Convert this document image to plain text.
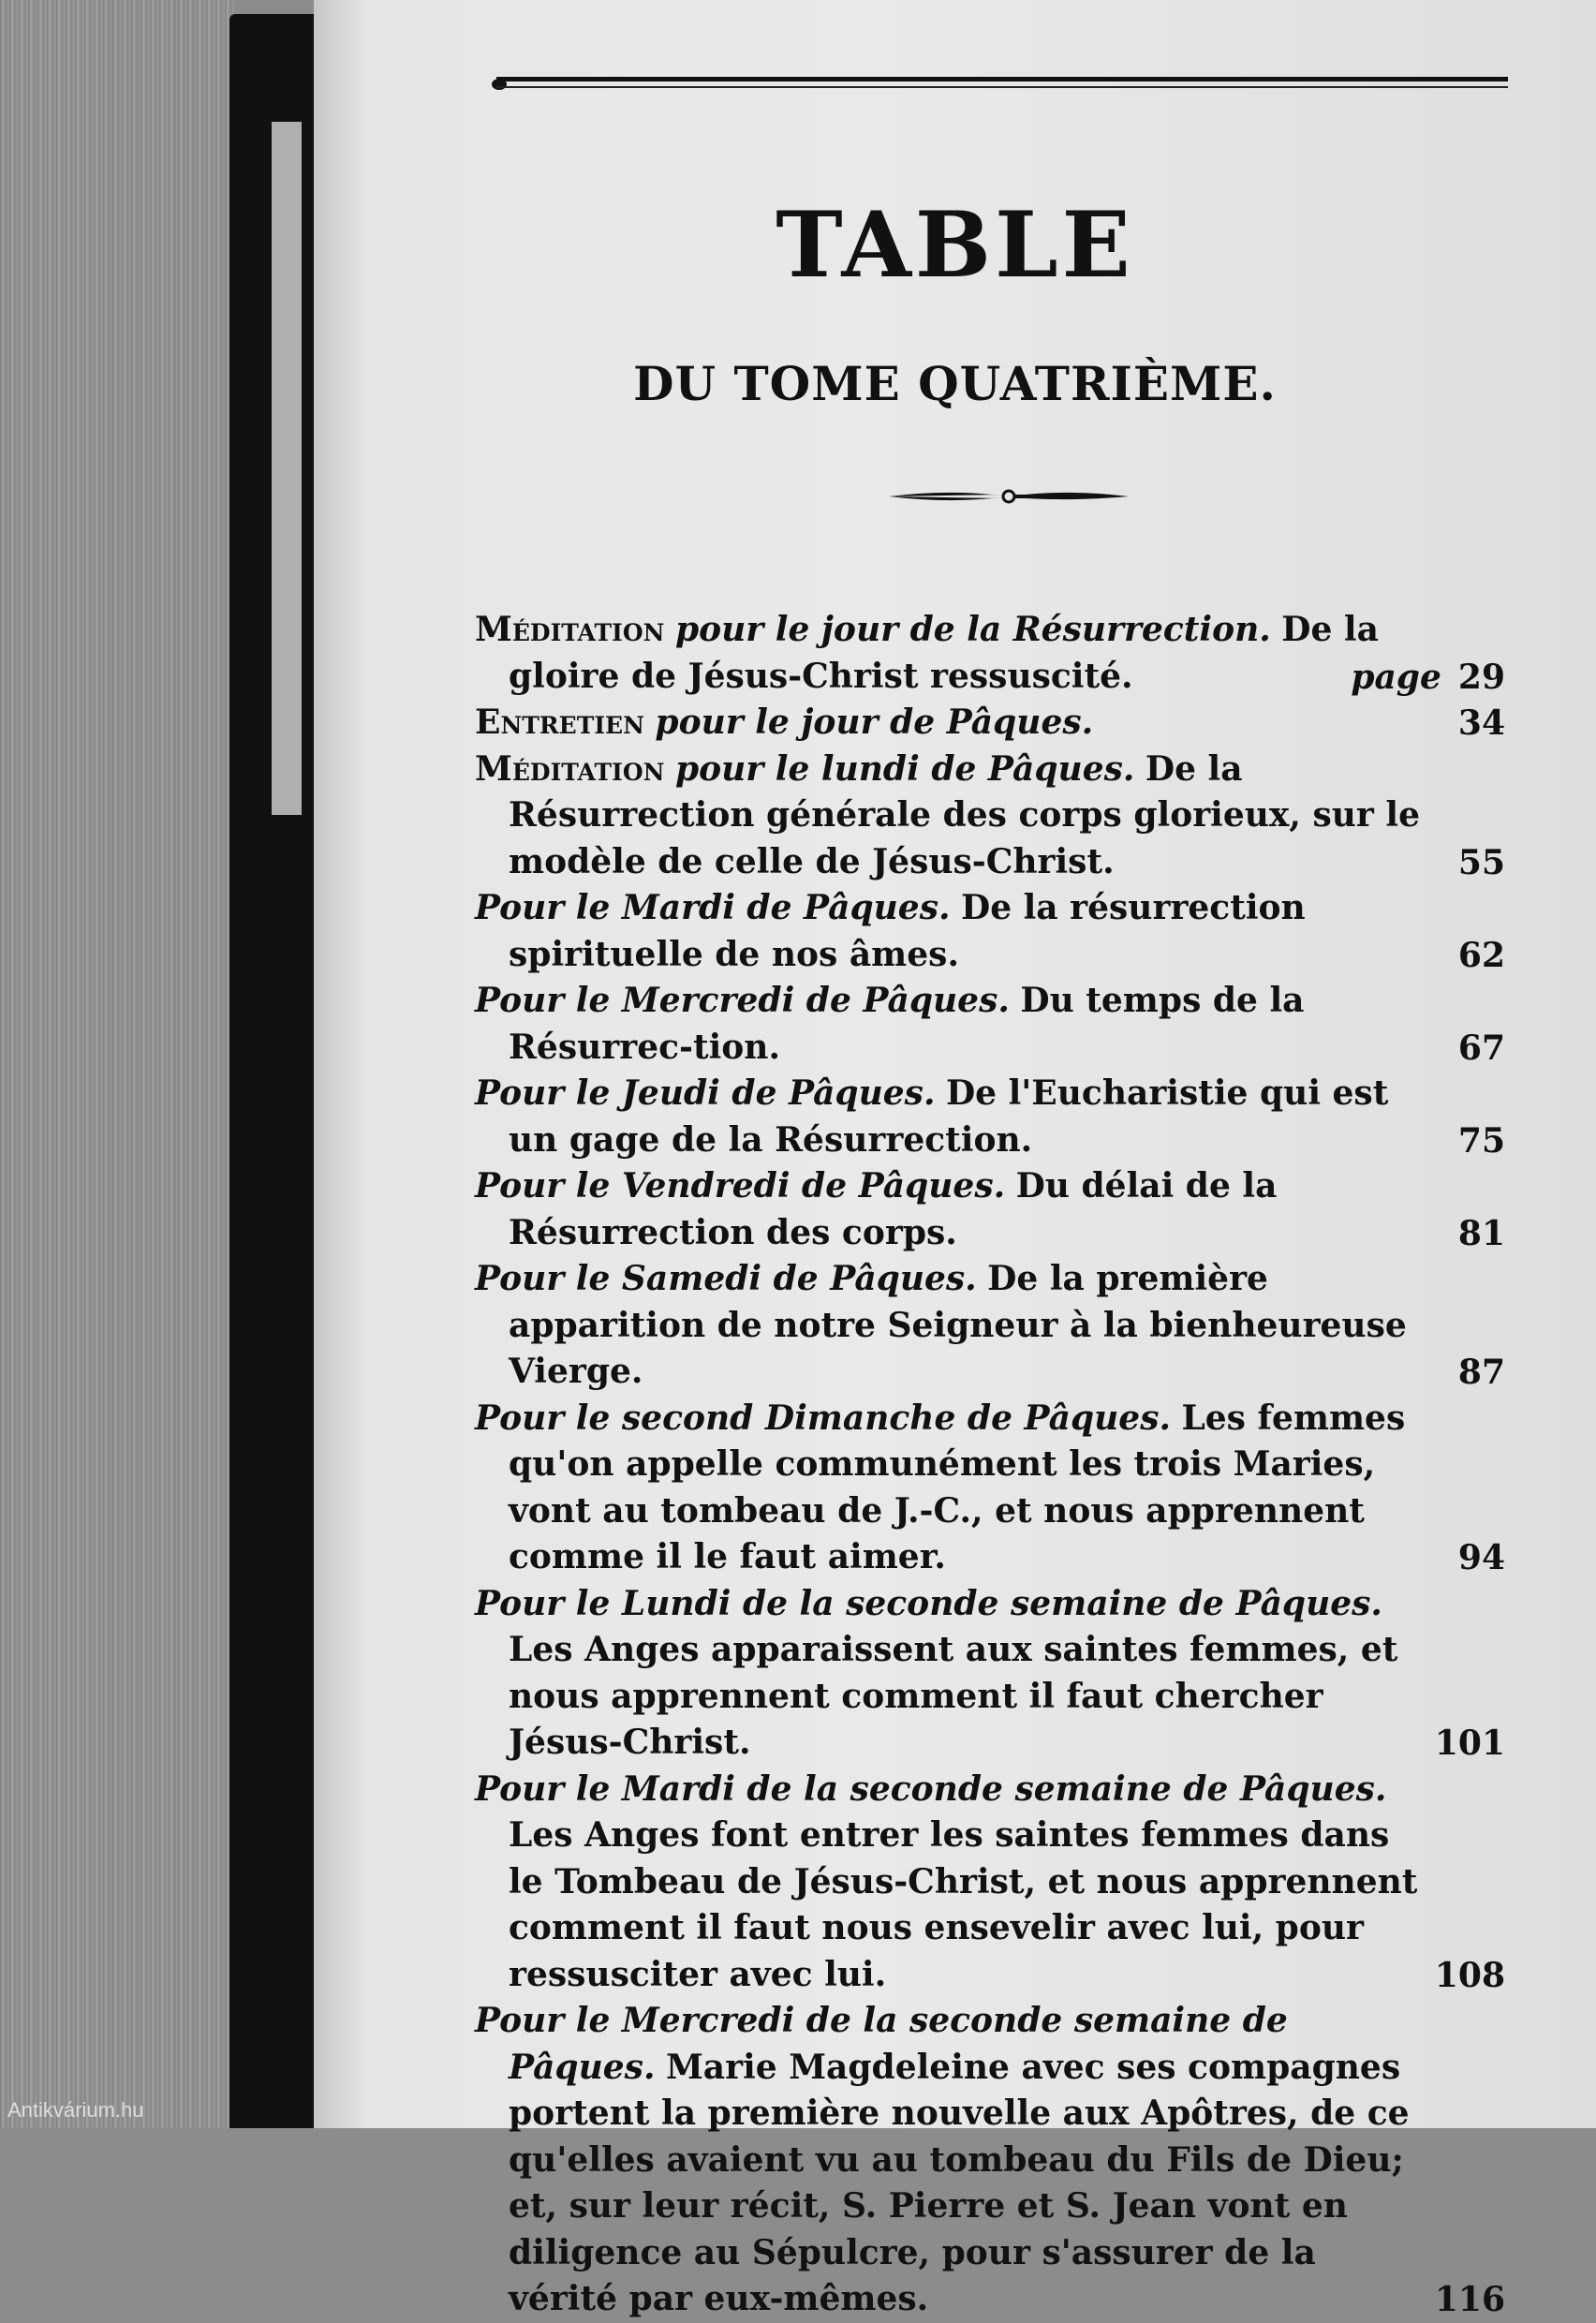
TABLE
DU TOME QUATRIÈME.
Méditation pour le jour de la Résurrection. De la gloire de Jésus-Christ ressuscité.	page 29
Entretien pour le jour de Pâques.	34
Méditation pour le lundi de Pâques. De la Résurrection générale des corps glorieux, sur le modèle de celle de Jésus-Christ.	55
Pour le Mardi de Pâques. De la résurrection spirituelle de nos âmes.	62
Pour le Mercredi de Pâques. Du temps de la Résurrec-tion.	67
Pour le Jeudi de Pâques. De l'Eucharistie qui est un gage de la Résurrection.	75
Pour le Vendredi de Pâques. Du délai de la Résurrection des corps.	81
Pour le Samedi de Pâques. De la première apparition de notre Seigneur à la bienheureuse Vierge.	87
Pour le second Dimanche de Pâques. Les femmes qu'on appelle communément les trois Maries, vont au tombeau de J.-C., et nous apprennent comme il le faut aimer.	94
Pour le Lundi de la seconde semaine de Pâques. Les Anges apparaissent aux saintes femmes, et nous apprennent comment il faut chercher Jésus-Christ.	101
Pour le Mardi de la seconde semaine de Pâques. Les Anges font entrer les saintes femmes dans le Tombeau de Jésus-Christ, et nous apprennent comment il faut nous ensevelir avec lui, pour ressusciter avec lui.	108
Pour le Mercredi de la seconde semaine de Pâques. Marie Magdeleine avec ses compagnes portent la première nouvelle aux Apôtres, de ce qu'elles avaient vu au tombeau du Fils de Dieu; et, sur leur récit, S. Pierre et S. Jean vont en diligence au Sépulcre, pour s'assurer de la vérité par eux-mêmes.	116
Antikvárium.hu
